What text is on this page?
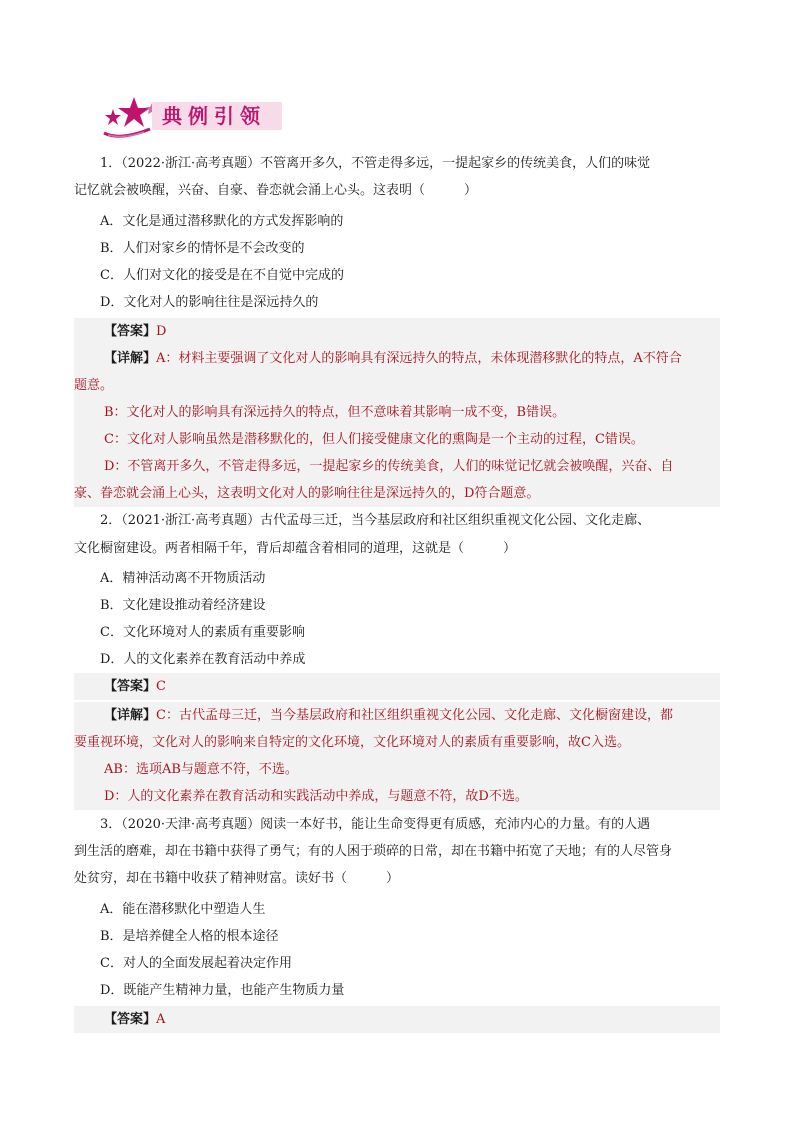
典例引领
1．（2022·浙江·高考真题）不管离开多久，不管走得多远，一提起家乡的传统美食，人们的味觉
记忆就会被唤醒，兴奋、自豪、眷恋就会涌上心头。这表明（　　　）
A．文化是通过潜移默化的方式发挥影响的
B．人们对家乡的情怀是不会改变的
C．人们对文化的接受是在不自觉中完成的
D．文化对人的影响往往是深远持久的
【答案】D
【详解】A：材料主要强调了文化对人的影响具有深远持久的特点，未体现潜移默化的特点，A不符合
题意。
B：文化对人的影响具有深远持久的特点，但不意味着其影响一成不变，B错误。
C：文化对人影响虽然是潜移默化的，但人们接受健康文化的熏陶是一个主动的过程，C错误。
D：不管离开多久，不管走得多远，一提起家乡的传统美食，人们的味觉记忆就会被唤醒，兴奋、自
豪、眷恋就会涌上心头，这表明文化对人的影响往往是深远持久的，D符合题意。
2．（2021·浙江·高考真题）古代孟母三迁，当今基层政府和社区组织重视文化公园、文化走廊、
文化橱窗建设。两者相隔千年，背后却蕴含着相同的道理，这就是（　　　）
A．精神活动离不开物质活动
B．文化建设推动着经济建设
C．文化环境对人的素质有重要影响
D．人的文化素养在教育活动中养成
【答案】C
【详解】C：古代孟母三迁，当今基层政府和社区组织重视文化公园、文化走廊、文化橱窗建设，都
要重视环境，文化对人的影响来自特定的文化环境，文化环境对人的素质有重要影响，故C入选。
AB：选项AB与题意不符，不选。
D：人的文化素养在教育活动和实践活动中养成，与题意不符，故D不选。
3．（2020·天津·高考真题）阅读一本好书，能让生命变得更有质感，充沛内心的力量。有的人遇
到生活的磨难，却在书籍中获得了勇气；有的人困于琐碎的日常，却在书籍中拓宽了天地；有的人尽管身
处贫穷，却在书籍中收获了精神财富。读好书（　　　）
A．能在潜移默化中塑造人生
B．是培养健全人格的根本途径
C．对人的全面发展起着决定作用
D．既能产生精神力量，也能产生物质力量
【答案】A
